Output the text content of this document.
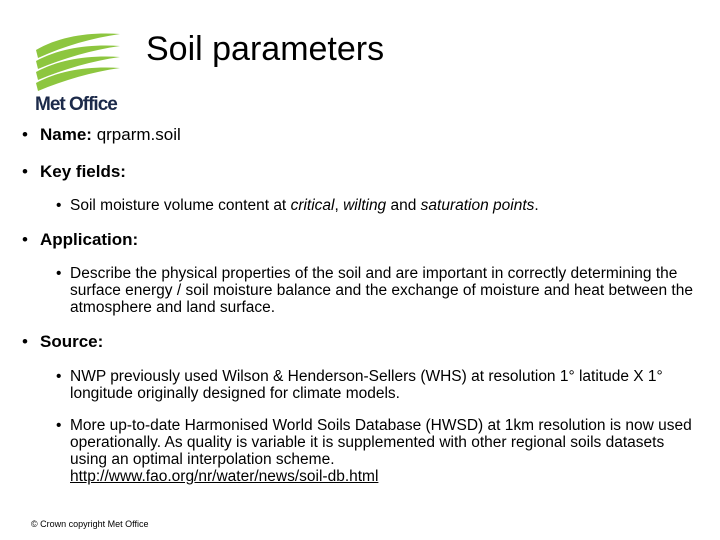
Met Office
Soil parameters
• Name: qrparm.soil
• Key fields:
• Soil moisture volume content at critical, wilting and saturation points.
• Application:
• Describe the physical properties of the soil and are important in correctly determining the surface energy / soil moisture balance and the exchange of moisture and heat between the atmosphere and land surface.
• Source:
• NWP previously used Wilson & Henderson-Sellers (WHS) at resolution 1° latitude X 1° longitude originally designed for climate models.
• More up-to-date Harmonised World Soils Database (HWSD) at 1km resolution is now used operationally. As quality is variable it is supplemented with other regional soils datasets using an optimal interpolation scheme.
http://www.fao.org/nr/water/news/soil-db.html
© Crown copyright Met Office
